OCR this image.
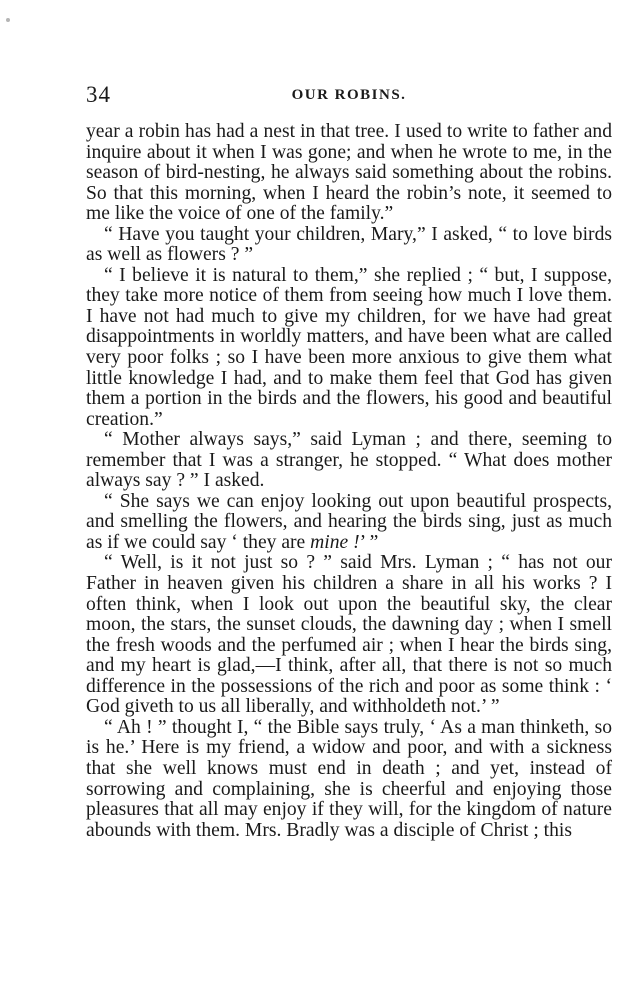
34	OUR ROBINS.

year a robin has had a nest in that tree. I used to write to father and inquire about it when I was gone; and when he wrote to me, in the season of bird-nesting, he always said something about the robins. So that this morning, when I heard the robin’s note, it seemed to me like the voice of one of the family.”

“ Have you taught your children, Mary,” I asked, “ to love birds as well as flowers ? ”

“ I believe it is natural to them,” she replied ; “ but, I suppose, they take more notice of them from seeing how much I love them. I have not had much to give my children, for we have had great disappointments in worldly matters, and have been what are called very poor folks ; so I have been more anxious to give them what little knowledge I had, and to make them feel that God has given them a portion in the birds and the flowers, his good and beautiful creation.”

“ Mother always says,” said Lyman ; and there, seeming to remember that I was a stranger, he stopped. “ What does mother always say ? ” I asked.

“ She says we can enjoy looking out upon beautiful prospects, and smelling the flowers, and hearing the birds sing, just as much as if we could say ‘ they are mine !’ ”

“ Well, is it not just so ? ” said Mrs. Lyman ; “ has not our Father in heaven given his children a share in all his works ? I often think, when I look out upon the beautiful sky, the clear moon, the stars, the sunset clouds, the dawning day ; when I smell the fresh woods and the perfumed air ; when I hear the birds sing, and my heart is glad,—I think, after all, that there is not so much difference in the possessions of the rich and poor as some think : ‘ God giveth to us all liberally, and withholdeth not.’ ”

“ Ah ! ” thought I, “ the Bible says truly, ‘ As a man thinketh, so is he.’ Here is my friend, a widow and poor, and with a sickness that she well knows must end in death ; and yet, instead of sorrowing and complaining, she is cheerful and enjoying those pleasures that all may enjoy if they will, for the kingdom of nature abounds with them. Mrs. Bradly was a disciple of Christ ; this
